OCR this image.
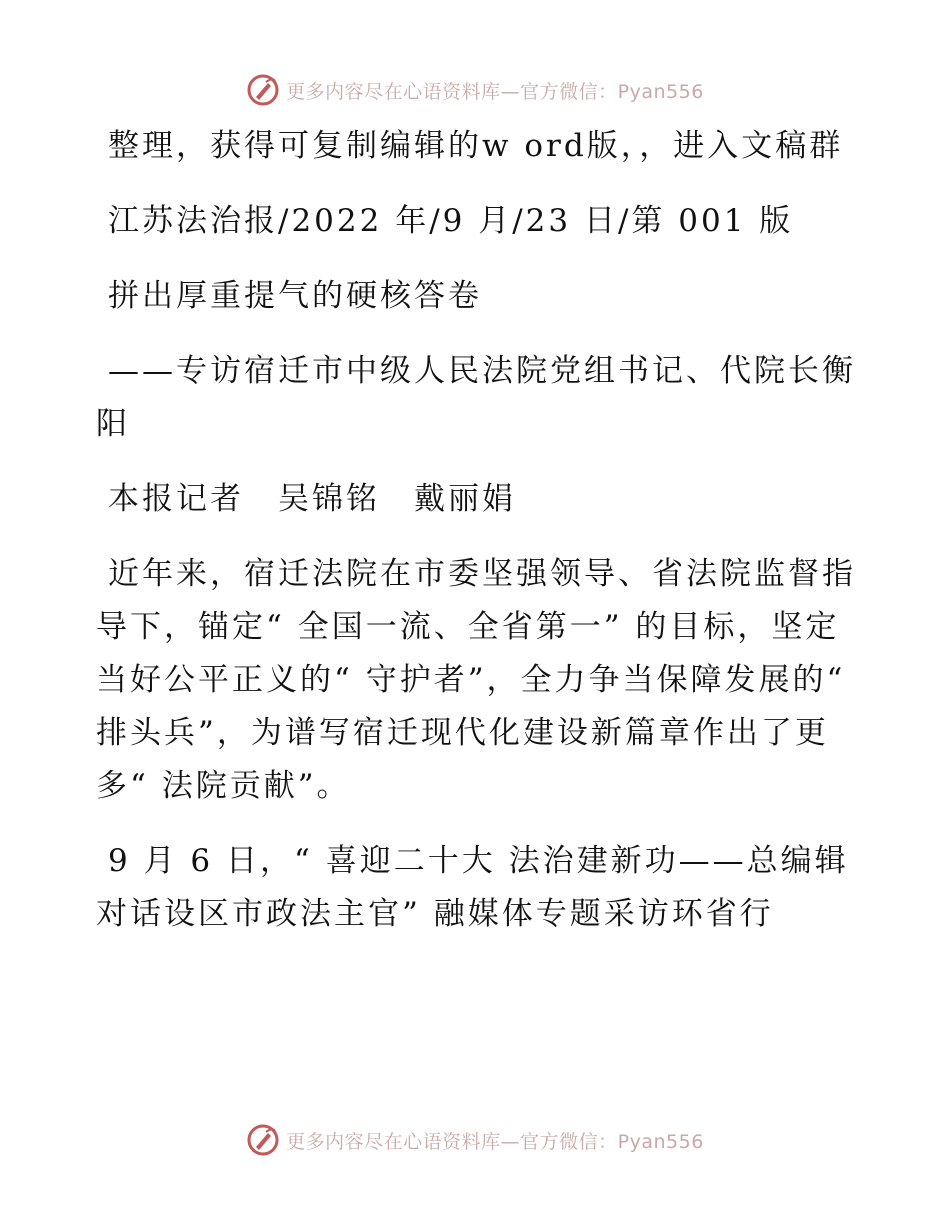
更多内容尽在心语资料库—官方微信：Pyan556

整理，获得可复制编辑的w ord版，，进入文稿群

江苏法治报/2022 年/9 月/23 日/第 001 版

拼出厚重提气的硬核答卷

——专访宿迁市中级人民法院党组书记、代院长衡阳

本报记者　吴锦铭　戴丽娟

近年来，宿迁法院在市委坚强领导、省法院监督指导下，锚定“ 全国一流、全省第一” 的目标，坚定当好公平正义的“ 守护者”，全力争当保障发展的“ 排头兵”，为谱写宿迁现代化建设新篇章作出了更多“ 法院贡献”。

9 月 6 日，“ 喜迎二十大 法治建新功——总编辑对话设区市政法主官” 融媒体专题采访环省行

更多内容尽在心语资料库—官方微信：Pyan556
